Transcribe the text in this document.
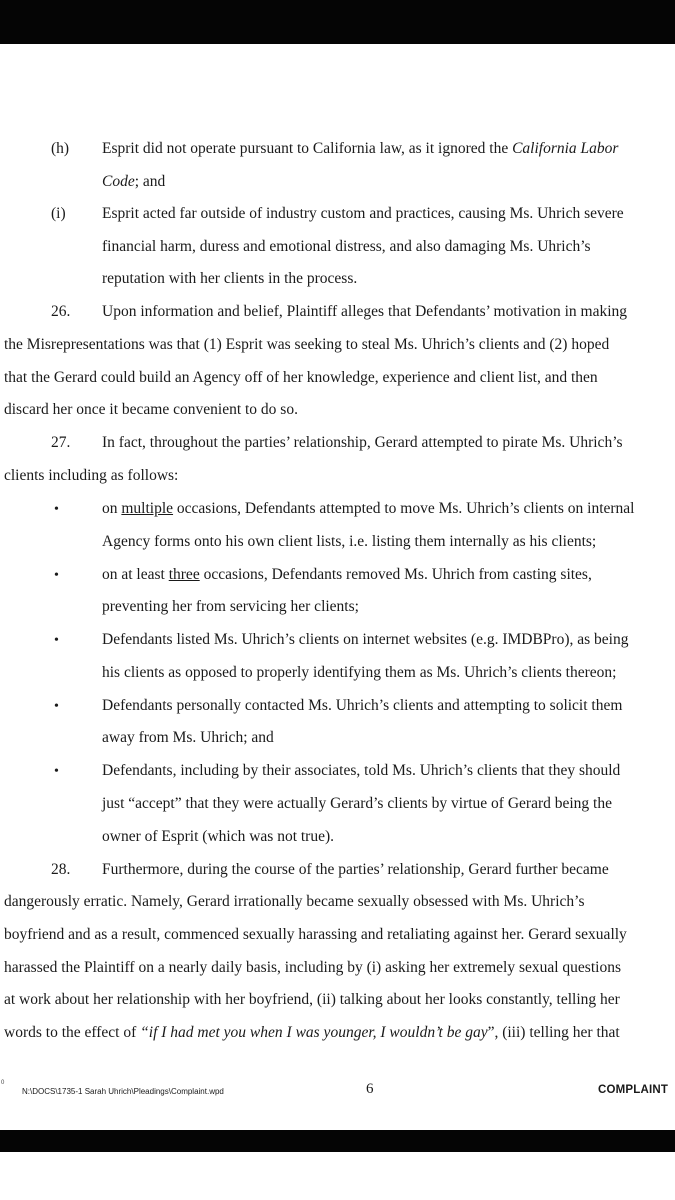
(h) Esprit did not operate pursuant to California law, as it ignored the California Labor
Code; and
(i) Esprit acted far outside of industry custom and practices, causing Ms. Uhrich severe
financial harm, duress and emotional distress, and also damaging Ms. Uhrich’s
reputation with her clients in the process.
26. Upon information and belief, Plaintiff alleges that Defendants’ motivation in making
the Misrepresentations was that (1) Esprit was seeking to steal Ms. Uhrich’s clients and (2) hoped
that the Gerard could build an Agency off of her knowledge, experience and client list, and then
discard her once it became convenient to do so.
27. In fact, throughout the parties’ relationship, Gerard attempted to pirate Ms. Uhrich’s
clients including as follows:
•	on multiple occasions, Defendants attempted to move Ms. Uhrich’s clients on internal
Agency forms onto his own client lists, i.e. listing them internally as his clients;
•	on at least three occasions, Defendants removed Ms. Uhrich from casting sites,
preventing her from servicing her clients;
•	Defendants listed Ms. Uhrich’s clients on internet websites (e.g. IMDBPro), as being
his clients as opposed to properly identifying them as Ms. Uhrich’s clients thereon;
•	Defendants personally contacted Ms. Uhrich’s clients and attempting to solicit them
away from Ms. Uhrich; and
•	Defendants, including by their associates, told Ms. Uhrich’s clients that they should
just “accept” that they were actually Gerard’s clients by virtue of Gerard being the
owner of Esprit (which was not true).
28. Furthermore, during the course of the parties’ relationship, Gerard further became
dangerously erratic. Namely, Gerard irrationally became sexually obsessed with Ms. Uhrich’s
boyfriend and as a result, commenced sexually harassing and retaliating against her. Gerard sexually
harassed the Plaintiff on a nearly daily basis, including by (i) asking her extremely sexual questions
at work about her relationship with her boyfriend, (ii) talking about her looks constantly, telling her
words to the effect of “if I had met you when I was younger, I wouldn’t be gay”, (iii) telling her that
0
N:\DOCS\1735-1 Sarah Uhrich\Pleadings\Complaint.wpd	6	COMPLAINT
